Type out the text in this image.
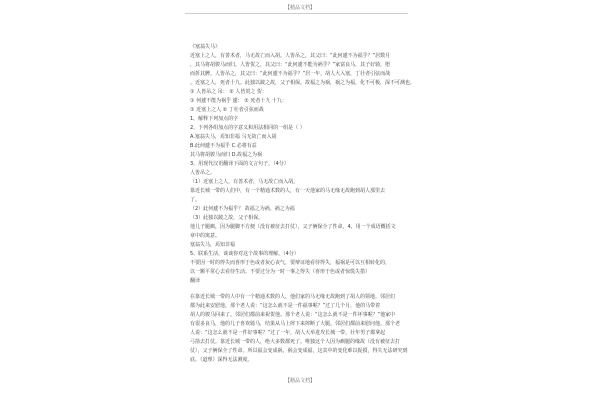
【精品文档】
《塞翁失马》
近塞上之人，有善术者，马无故亡而入胡。人皆吊之，其父曰：“此何遽不为福乎？”居数月
，其马将胡骏马而归。人皆贺之，其父曰：“此何遽不能为祸乎？”家富良马，其子好骑，堕
而折其髀。人皆吊之，其父曰：“此何遽不为福乎？”居一年，胡人大入塞，丁壮者引弦而战
。近塞之人，死者十九。此独以跛之故，父子相保。故福之为祸，祸之为福，化不可极，深不可测也。
① 人皆吊之 吊： ② 人皆贺之 贺：
① 何遽不能为祸乎 遽： ② 死者十九 十九：
① 近塞上之人 ② 丁壮者引弦而战
1、解释下列加点的字
2、下列各组加点的字意义和用法相同的一组是（ ）
A.塞翁失马，焉知非福 马无故亡而入胡
B.此何遽不为福乎 C.必将有益
其马将胡骏马而归 D.故福之为祸
3、用现代汉语翻译下面的文言句子。（4分）
人皆吊之。
（1）近塞上之人，有善术者，马无故亡而入胡。
靠近长城一带的人们中，有一个精通术数的人，有一天他家的马无缘无故跑到胡人那里去
了。
（2）此何遽不为福乎？ 故福之为祸，祸之为福
（3）此独以跛之故，父子相保。
他儿子腿瘸，因为腿脚不方便（没有被征去打仗），父子俩保全了性命。4、用一个成语概括文
章中的寓意。
塞翁失马，焉知非福
5、联系生活，谈谈你对这个故事的理解。（4分）
不要因一时的得失而喜形于色或者灰心丧气，要辩证地看待得失，福祸是可以互相转化的，
以一颗平常心去看待生活。不要过分为一时一事之得失（喜形于色或者惊慌失措）
翻译
在靠近长城一带的人中有一个精通术数的人，他们家的马无缘无故跑到了胡人的领地。邻居们
都为此来安慰他。那个老人说：“这怎么就不是一件福事呢？”过了几个月，他的马带着
胡人的骏马回来了。邻居们都前来祝贺他。那个老人说：“这怎么就不是一件坏事呢？”他家中
有很多良马，他的儿子喜欢骑马，结果从马上摔下来摔断了大腿。邻居们都前来慰问他。那个老
人说：“这怎么就不是一件好事呢？”过了一年，胡人大举进攻长城一带，壮年男子都拿起
弓箭去打仗。靠近长城一带的人，绝大多数都死了。唯独这个人因为瘸腿的缘故（没有被征去打
仗），父子俩保全了性命。所以福会变成祸，祸会变成福，这其中的变化难以捉摸，得失无法研究到
底。（道理）深得无法测度。
【精品文档】
